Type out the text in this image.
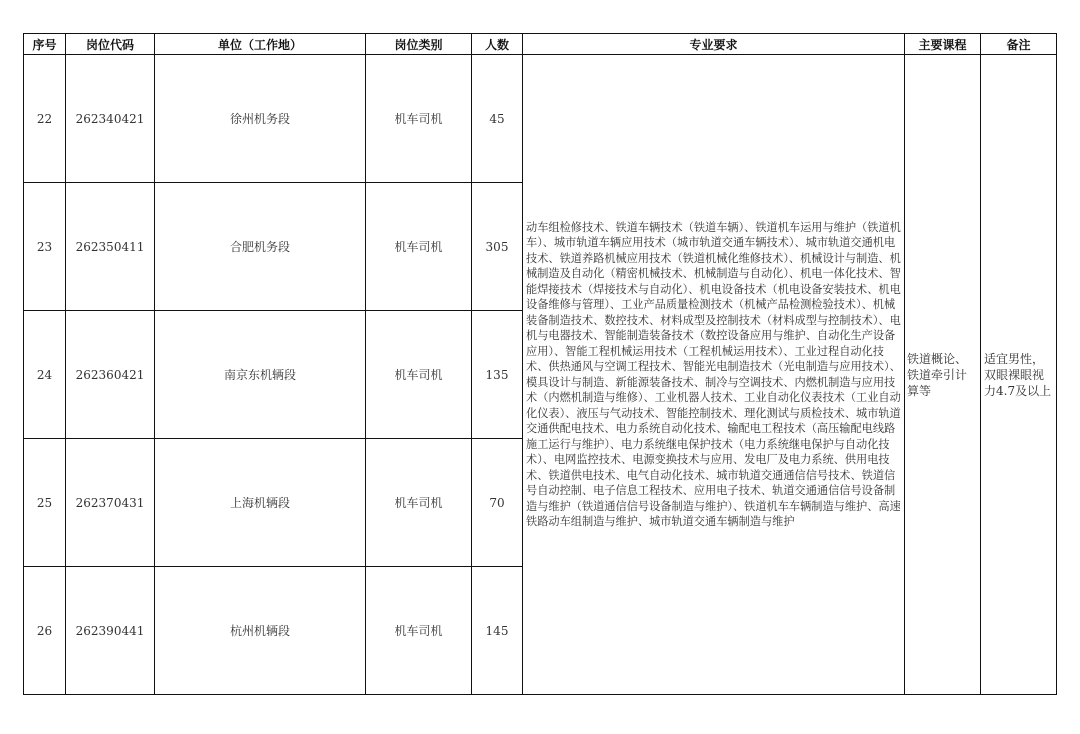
序号	岗位代码	单位（工作地）	岗位类别	人数	专业要求	主要课程	备注
22	262340421	徐州机务段	机车司机	45	动车组检修技术、铁道车辆技术（铁道车辆）、铁道机车运用与维护（铁道机车）、城市轨道车辆应用技术（城市轨道交通车辆技术）、城市轨道交通机电技术、铁道养路机械应用技术（铁道机械化维修技术）、机械设计与制造、机械制造及自动化（精密机械技术、机械制造与自动化）、机电一体化技术、智能焊接技术（焊接技术与自动化）、机电设备技术（机电设备安装技术、机电设备维修与管理）、工业产品质量检测技术（机械产品检测检验技术）、机械装备制造技术、数控技术、材料成型及控制技术（材料成型与控制技术）、电机与电器技术、智能制造装备技术（数控设备应用与维护、自动化生产设备应用）、智能工程机械运用技术（工程机械运用技术）、工业过程自动化技术、供热通风与空调工程技术、智能光电制造技术（光电制造与应用技术）、模具设计与制造、新能源装备技术、制冷与空调技术、内燃机制造与应用技术（内燃机制造与维修）、工业机器人技术、工业自动化仪表技术（工业自动化仪表）、液压与气动技术、智能控制技术、理化测试与质检技术、城市轨道交通供配电技术、电力系统自动化技术、输配电工程技术（高压输配电线路施工运行与维护）、电力系统继电保护技术（电力系统继电保护与自动化技术）、电网监控技术、电源变换技术与应用、发电厂及电力系统、供用电技术、铁道供电技术、电气自动化技术、城市轨道交通通信信号技术、铁道信号自动控制、电子信息工程技术、应用电子技术、轨道交通通信信号设备制造与维护（铁道通信信号设备制造与维护）、铁道机车车辆制造与维护、高速铁路动车组制造与维护、城市轨道交通车辆制造与维护	铁道概论、铁道牵引计算等	适宜男性，双眼裸眼视力4.7及以上

23	262350411	合肥机务段	机车司机	305			
24	262360421	南京东机辆段	机车司机	135			
25	262370431	上海机辆段	机车司机	70			
26	262390441	杭州机辆段	机车司机	145			
